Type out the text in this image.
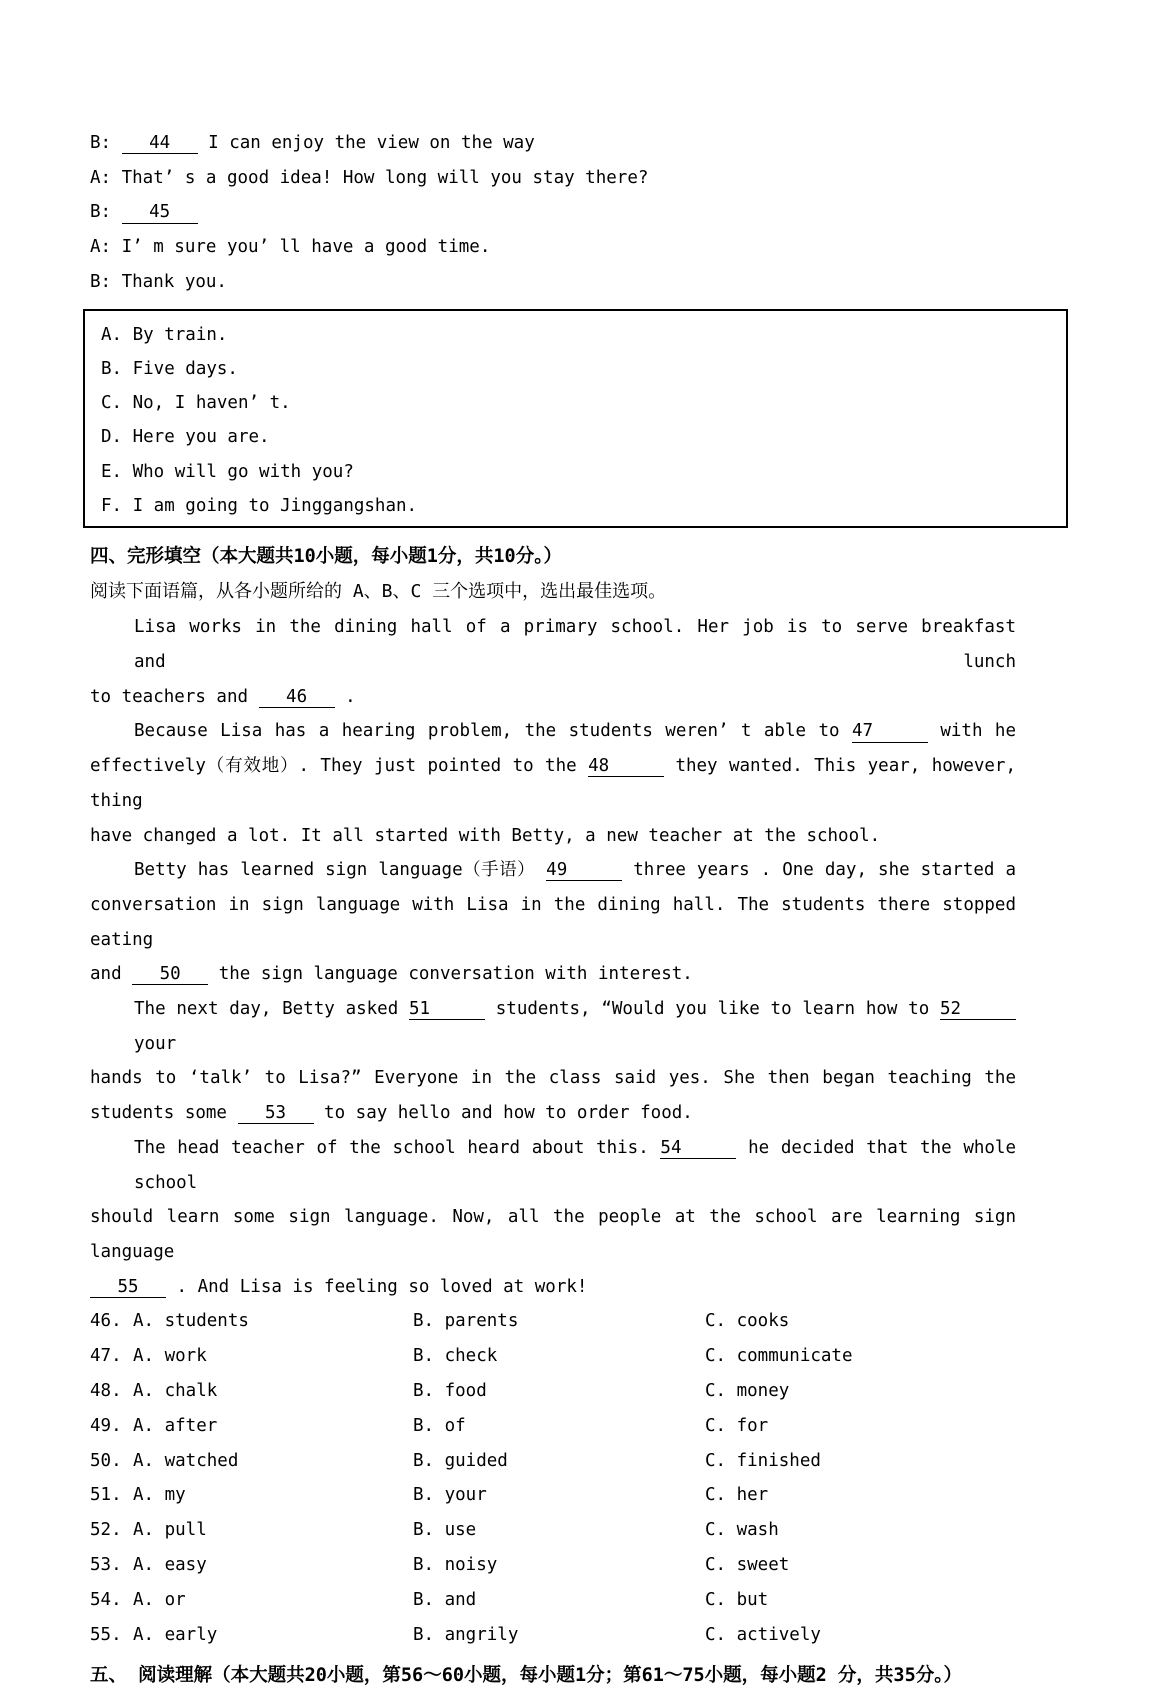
B: 44 I can enjoy the view on the way
A: That’ s a good idea! How long will you stay there?
B: 45
A: I’ m sure you’ ll have a good time.
B: Thank you.
A. By train.
B. Five days.
C. No, I haven’ t.
D. Here you are.
E. Who will go with you?
F. I am going to Jinggangshan.
四、完形填空（本大题共10小题，每小题1分，共10分。）
阅读下面语篇，从各小题所给的 A、B、C 三个选项中，选出最佳选项。
Lisa works in the dining hall of a primary school. Her job is to serve breakfast and lunch
to teachers and 46 .
Because Lisa has a hearing problem, the students weren’ t able to 47	with he
effectively（有效地）. They just pointed to the 48	they wanted. This year, however, thing
have changed a lot. It all started with Betty, a new teacher at the school.
Betty has learned sign language（手语） 49	three years . One day, she started a
conversation in sign language with Lisa in the dining hall. The students there stopped eating
and 50 the sign language conversation with interest.
The next day, Betty asked 51	students, “Would you like to learn how to 52 your
hands to ‘talk’ to Lisa?” Everyone in the class said yes. She then began teaching the
students some 53 to say hello and how to order food.
The head teacher of the school heard about this. 54	he decided that the whole school
should learn some sign language. Now, all the people at the school are learning sign language
55 . And Lisa is feeling so loved at work!
46. A. students	B. parents	C. cooks
47. A. work	B. check	C. communicate
48. A. chalk	B. food	C. money
49. A. after	B. of	C. for
50. A. watched	B. guided	C. finished
51. A. my	B. your	C. her
52. A. pull	B. use	C. wash
53. A. easy	B. noisy	C. sweet
54. A. or	B. and	C. but
55. A. early	B. angrily	C. actively
五、 阅读理解（本大题共20小题，第56～60小题，每小题1分；第61～75小题，每小题2 分，共35分。）
